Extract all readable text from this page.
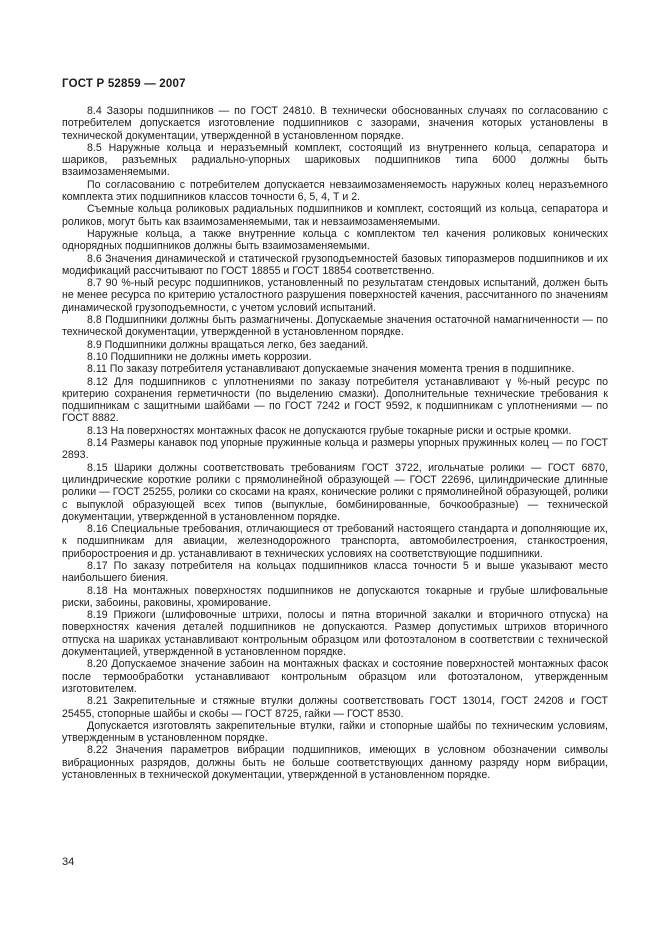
ГОСТ Р 52859 — 2007

8.4 Зазоры подшипников — по ГОСТ 24810. В технически обоснованных случаях по согласованию с потребителем допускается изготовление подшипников с зазорами, значения которых установлены в технической документации, утвержденной в установленном порядке.

8.5 Наружные кольца и неразъемный комплект, состоящий из внутреннего кольца, сепаратора и шариков, разъемных радиально-упорных шариковых подшипников типа 6000 должны быть взаимозаменяемыми.

По согласованию с потребителем допускается невзаимозаменяемость наружных колец неразъемного комплекта этих подшипников классов точности 6, 5, 4, Т и 2.

Съемные кольца роликовых радиальных подшипников и комплект, состоящий из кольца, сепаратора и роликов, могут быть как взаимозаменяемыми, так и невзаимозаменяемыми.

Наружные кольца, а также внутренние кольца с комплектом тел качения роликовых конических однорядных подшипников должны быть взаимозаменяемыми.

8.6 Значения динамической и статической грузоподъемностей базовых типоразмеров подшипников и их модификаций рассчитывают по ГОСТ 18855 и ГОСТ 18854 соответственно.

8.7 90 %-ный ресурс подшипников, установленный по результатам стендовых испытаний, должен быть не менее ресурса по критерию усталостного разрушения поверхностей качения, рассчитанного по значениям динамической грузоподъемности, с учетом условий испытаний.

8.8 Подшипники должны быть размагничены. Допускаемые значения остаточной намагниченности — по технической документации, утвержденной в установленном порядке.

8.9 Подшипники должны вращаться легко, без заеданий.

8.10 Подшипники не должны иметь коррозии.

8.11 По заказу потребителя устанавливают допускаемые значения момента трения в подшипнике.

8.12 Для подшипников с уплотнениями по заказу потребителя устанавливают γ %-ный ресурс по критерию сохранения герметичности (по выделению смазки). Дополнительные технические требования к подшипникам с защитными шайбами — по ГОСТ 7242 и ГОСТ 9592, к подшипникам с уплотнениями — по ГОСТ 8882.

8.13 На поверхностях монтажных фасок не допускаются грубые токарные риски и острые кромки.

8.14 Размеры канавок под упорные пружинные кольца и размеры упорных пружинных колец — по ГОСТ 2893.

8.15 Шарики должны соответствовать требованиям ГОСТ 3722, игольчатые ролики — ГОСТ 6870, цилиндрические короткие ролики с прямолинейной образующей — ГОСТ 22696, цилиндрические длинные ролики — ГОСТ 25255, ролики со скосами на краях, конические ролики с прямолинейной образующей, ролики с выпуклой образующей всех типов (выпуклые, бомбинированные, бочкообразные) — технической документации, утвержденной в установленном порядке.

8.16 Специальные требования, отличающиеся от требований настоящего стандарта и дополняющие их, к подшипникам для авиации, железнодорожного транспорта, автомобилестроения, станкостроения, приборостроения и др. устанавливают в технических условиях на соответствующие подшипники.

8.17 По заказу потребителя на кольцах подшипников класса точности 5 и выше указывают место наибольшего биения.

8.18 На монтажных поверхностях подшипников не допускаются токарные и грубые шлифовальные риски, забоины, раковины, хромирование.

8.19 Прижоги (шлифовочные штрихи, полосы и пятна вторичной закалки и вторичного отпуска) на поверхностях качения деталей подшипников не допускаются. Размер допустимых штрихов вторичного отпуска на шариках устанавливают контрольным образцом или фотоэталоном в соответствии с технической документацией, утвержденной в установленном порядке.

8.20 Допускаемое значение забоин на монтажных фасках и состояние поверхностей монтажных фасок после термообработки устанавливают контрольным образцом или фотоэталоном, утвержденным изготовителем.

8.21 Закрепительные и стяжные втулки должны соответствовать ГОСТ 13014, ГОСТ 24208 и ГОСТ 25455, стопорные шайбы и скобы — ГОСТ 8725, гайки — ГОСТ 8530.

Допускается изготовлять закрепительные втулки, гайки и стопорные шайбы по техническим условиям, утвержденным в установленном порядке.

8.22 Значения параметров вибрации подшипников, имеющих в условном обозначении символы вибрационных разрядов, должны быть не больше соответствующих данному разряду норм вибрации, установленных в технической документации, утвержденной в установленном порядке.

34
